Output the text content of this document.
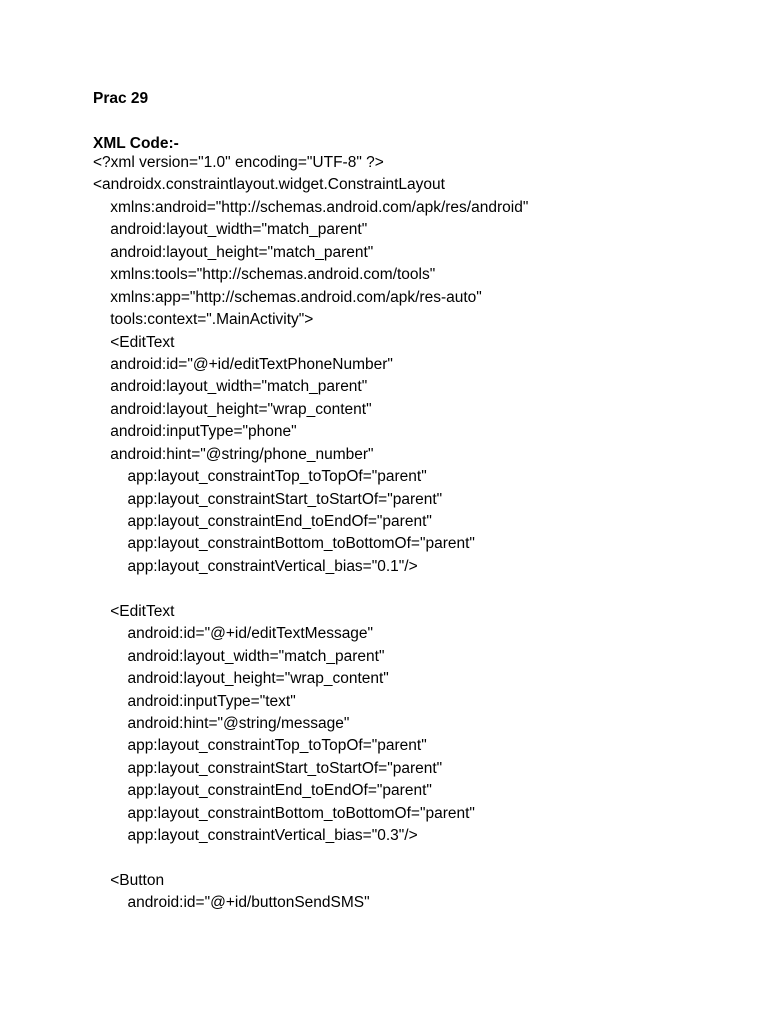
Prac 29
XML Code:-
<?xml version="1.0" encoding="UTF-8" ?>
<androidx.constraintlayout.widget.ConstraintLayout
xmlns:android="http://schemas.android.com/apk/res/android"
android:layout_width="match_parent"
android:layout_height="match_parent"
xmlns:tools="http://schemas.android.com/tools"
xmlns:app="http://schemas.android.com/apk/res-auto"
tools:context=".MainActivity">
<EditText
android:id="@+id/editTextPhoneNumber"
android:layout_width="match_parent"
android:layout_height="wrap_content"
android:inputType="phone"
android:hint="@string/phone_number"
app:layout_constraintTop_toTopOf="parent"
app:layout_constraintStart_toStartOf="parent"
app:layout_constraintEnd_toEndOf="parent"
app:layout_constraintBottom_toBottomOf="parent"
app:layout_constraintVertical_bias="0.1"/>
<EditText
android:id="@+id/editTextMessage"
android:layout_width="match_parent"
android:layout_height="wrap_content"
android:inputType="text"
android:hint="@string/message"
app:layout_constraintTop_toTopOf="parent"
app:layout_constraintStart_toStartOf="parent"
app:layout_constraintEnd_toEndOf="parent"
app:layout_constraintBottom_toBottomOf="parent"
app:layout_constraintVertical_bias="0.3"/>
<Button
android:id="@+id/buttonSendSMS"
